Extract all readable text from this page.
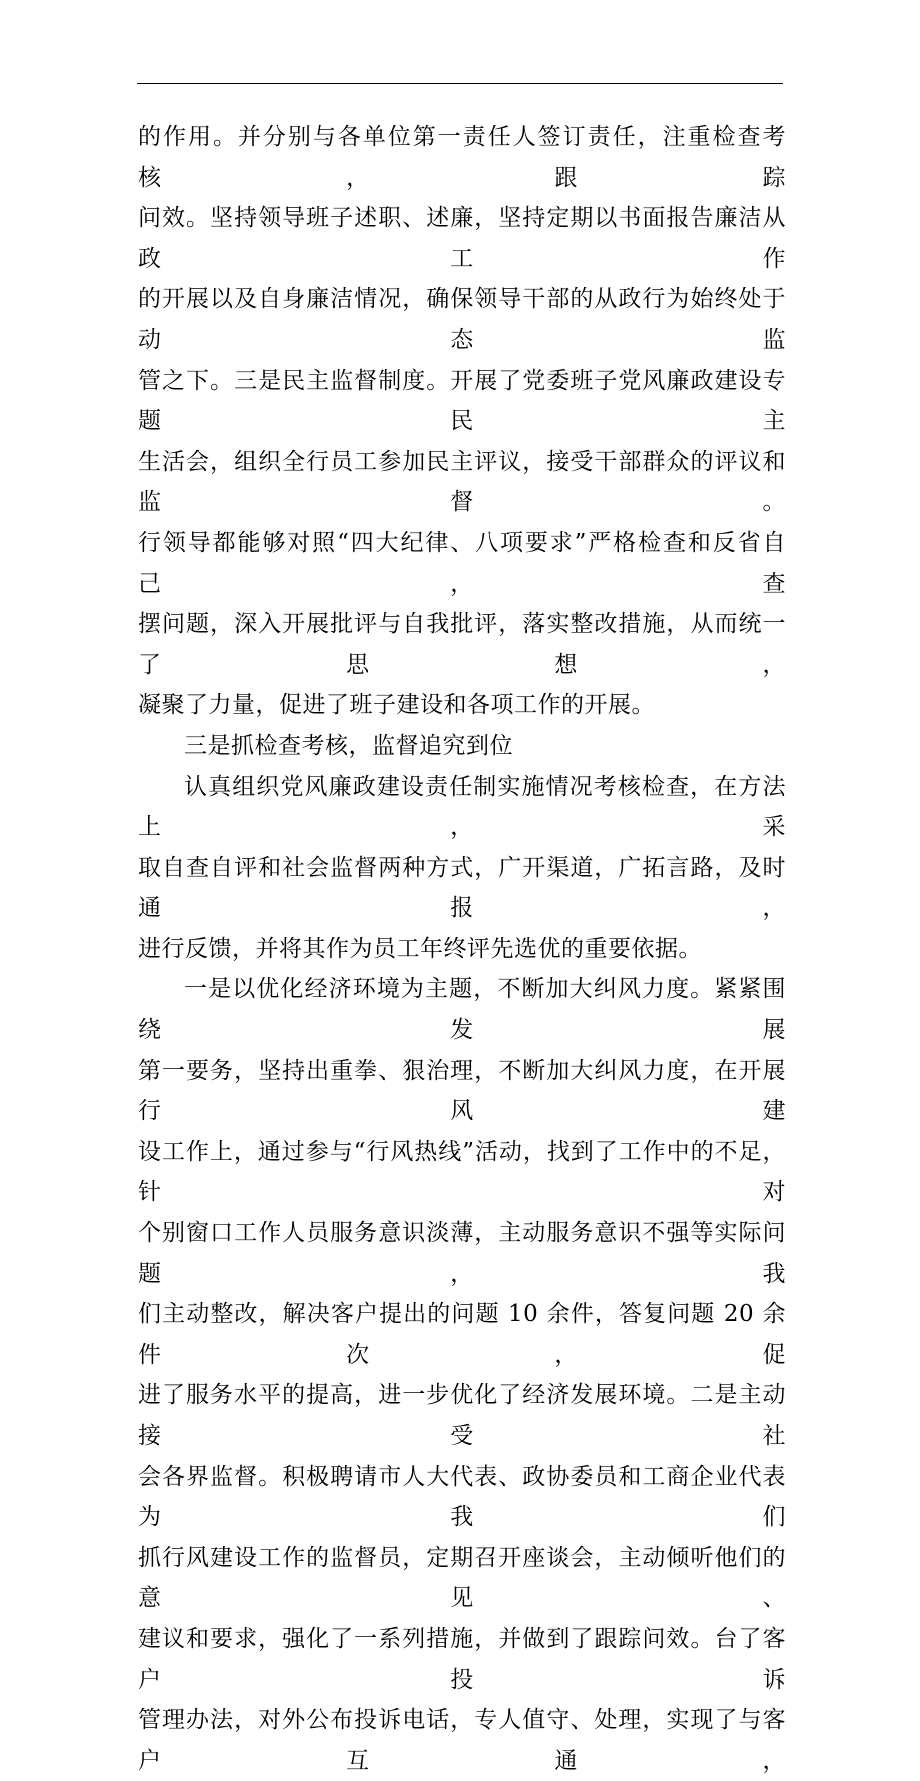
的作用。并分别与各单位第一责任人签订责任，注重检查考核，跟踪
问效。坚持领导班子述职、述廉，坚持定期以书面报告廉洁从政工作
的开展以及自身廉洁情况，确保领导干部的从政行为始终处于动态监
管之下。三是民主监督制度。开展了党委班子党风廉政建设专题民主
生活会，组织全行员工参加民主评议，接受干部群众的评议和监督。
行领导都能够对照“四大纪律、八项要求”严格检查和反省自己，查
摆问题，深入开展批评与自我批评，落实整改措施，从而统一了思想，
凝聚了力量，促进了班子建设和各项工作的开展。
三是抓检查考核，监督追究到位
认真组织党风廉政建设责任制实施情况考核检查，在方法上，采
取自查自评和社会监督两种方式，广开渠道，广拓言路，及时通报，
进行反馈，并将其作为员工年终评先选优的重要依据。
一是以优化经济环境为主题，不断加大纠风力度。紧紧围绕发展
第一要务，坚持出重拳、狠治理，不断加大纠风力度，在开展行风建
设工作上，通过参与“行风热线”活动，找到了工作中的不足，针对
个别窗口工作人员服务意识淡薄，主动服务意识不强等实际问题，我
们主动整改，解决客户提出的问题 10 余件，答复问题 20 余件次，促
进了服务水平的提高，进一步优化了经济发展环境。二是主动接受社
会各界监督。积极聘请市人大代表、政协委员和工商企业代表为我们
抓行风建设工作的监督员，定期召开座谈会，主动倾听他们的意见、
建议和要求，强化了一系列措施，并做到了跟踪问效。台了客户投诉
管理办法，对外公布投诉电话，专人值守、处理，实现了与客户互通，
